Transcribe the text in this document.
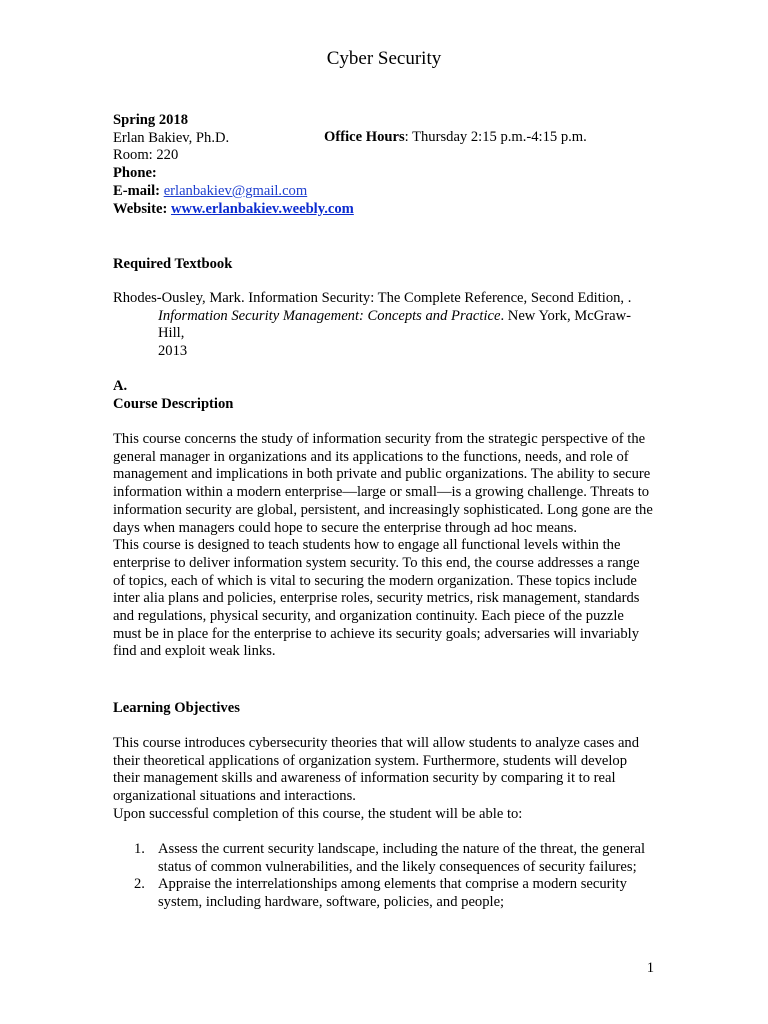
Cyber Security
Spring 2018
Erlan Bakiev, Ph.D.
Room: 220
Phone:
E-mail: erlanbakiev@gmail.com
Website: www.erlanbakiev.weebly.com
Office Hours: Thursday 2:15 p.m.-4:15 p.m.
Required Textbook
Rhodes-Ousley, Mark. Information Security: The Complete Reference, Second Edition, .
Information Security Management: Concepts and Practice. New York, McGraw-Hill,
2013
A.
Course Description

This course concerns the study of information security from the strategic perspective of the general manager in organizations and its applications to the functions, needs, and role of management and implications in both private and public organizations. The ability to secure information within a modern enterprise—large or small—is a growing challenge. Threats to information security are global, persistent, and increasingly sophisticated. Long gone are the days when managers could hope to secure the enterprise through ad hoc means.

This course is designed to teach students how to engage all functional levels within the enterprise to deliver information system security. To this end, the course addresses a range of topics, each of which is vital to securing the modern organization. These topics include inter alia plans and policies, enterprise roles, security metrics, risk management, standards and regulations, physical security, and organization continuity. Each piece of the puzzle must be in place for the enterprise to achieve its security goals; adversaries will invariably find and exploit weak links.

Learning Objectives

This course introduces cybersecurity theories that will allow students to analyze cases and their theoretical applications of organization system. Furthermore, students will develop their management skills and awareness of information security by comparing it to real organizational situations and interactions.

Upon successful completion of this course, the student will be able to:

1. Assess the current security landscape, including the nature of the threat, the general status of common vulnerabilities, and the likely consequences of security failures;
2. Appraise the interrelationships among elements that comprise a modern security system, including hardware, software, policies, and people;
1
